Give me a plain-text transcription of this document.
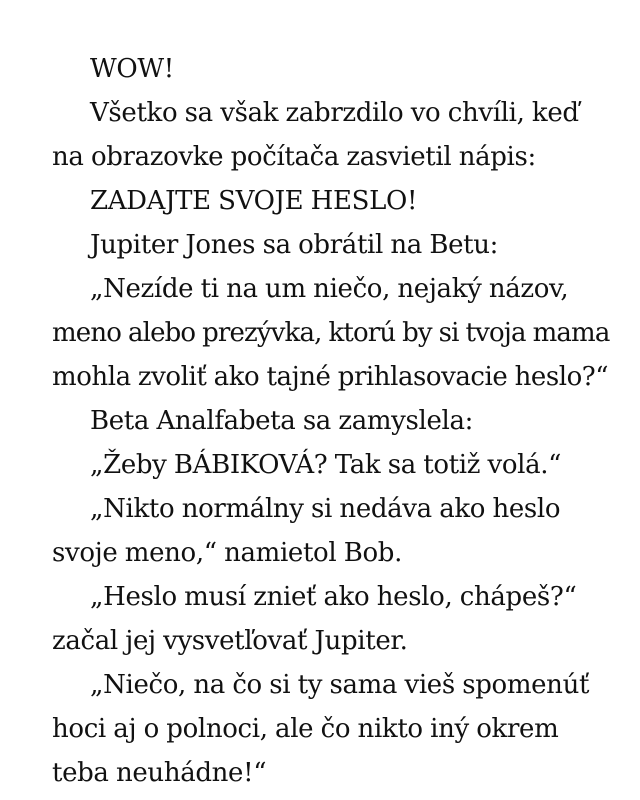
WOW!
Všetko sa však zabrzdilo vo chvíli, keď
na obrazovke počítača zasvietil nápis:
ZADAJTE SVOJE HESLO!
Jupiter Jones sa obrátil na Betu:
„Nezíde ti na um niečo, nejaký názov,
meno alebo prezývka, ktorú by si tvoja mama
mohla zvoliť ako tajné prihlasovacie heslo?“
Beta Analfabeta sa zamyslela:
„Žeby BÁBIKOVÁ? Tak sa totiž volá.“
„Nikto normálny si nedáva ako heslo
svoje meno,“ namietol Bob.
„Heslo musí znieť ako heslo, chápeš?“
začal jej vysvetľovať Jupiter.
„Niečo, na čo si ty sama vieš spomenúť
hoci aj o polnoci, ale čo nikto iný okrem
teba neuhádne!“
